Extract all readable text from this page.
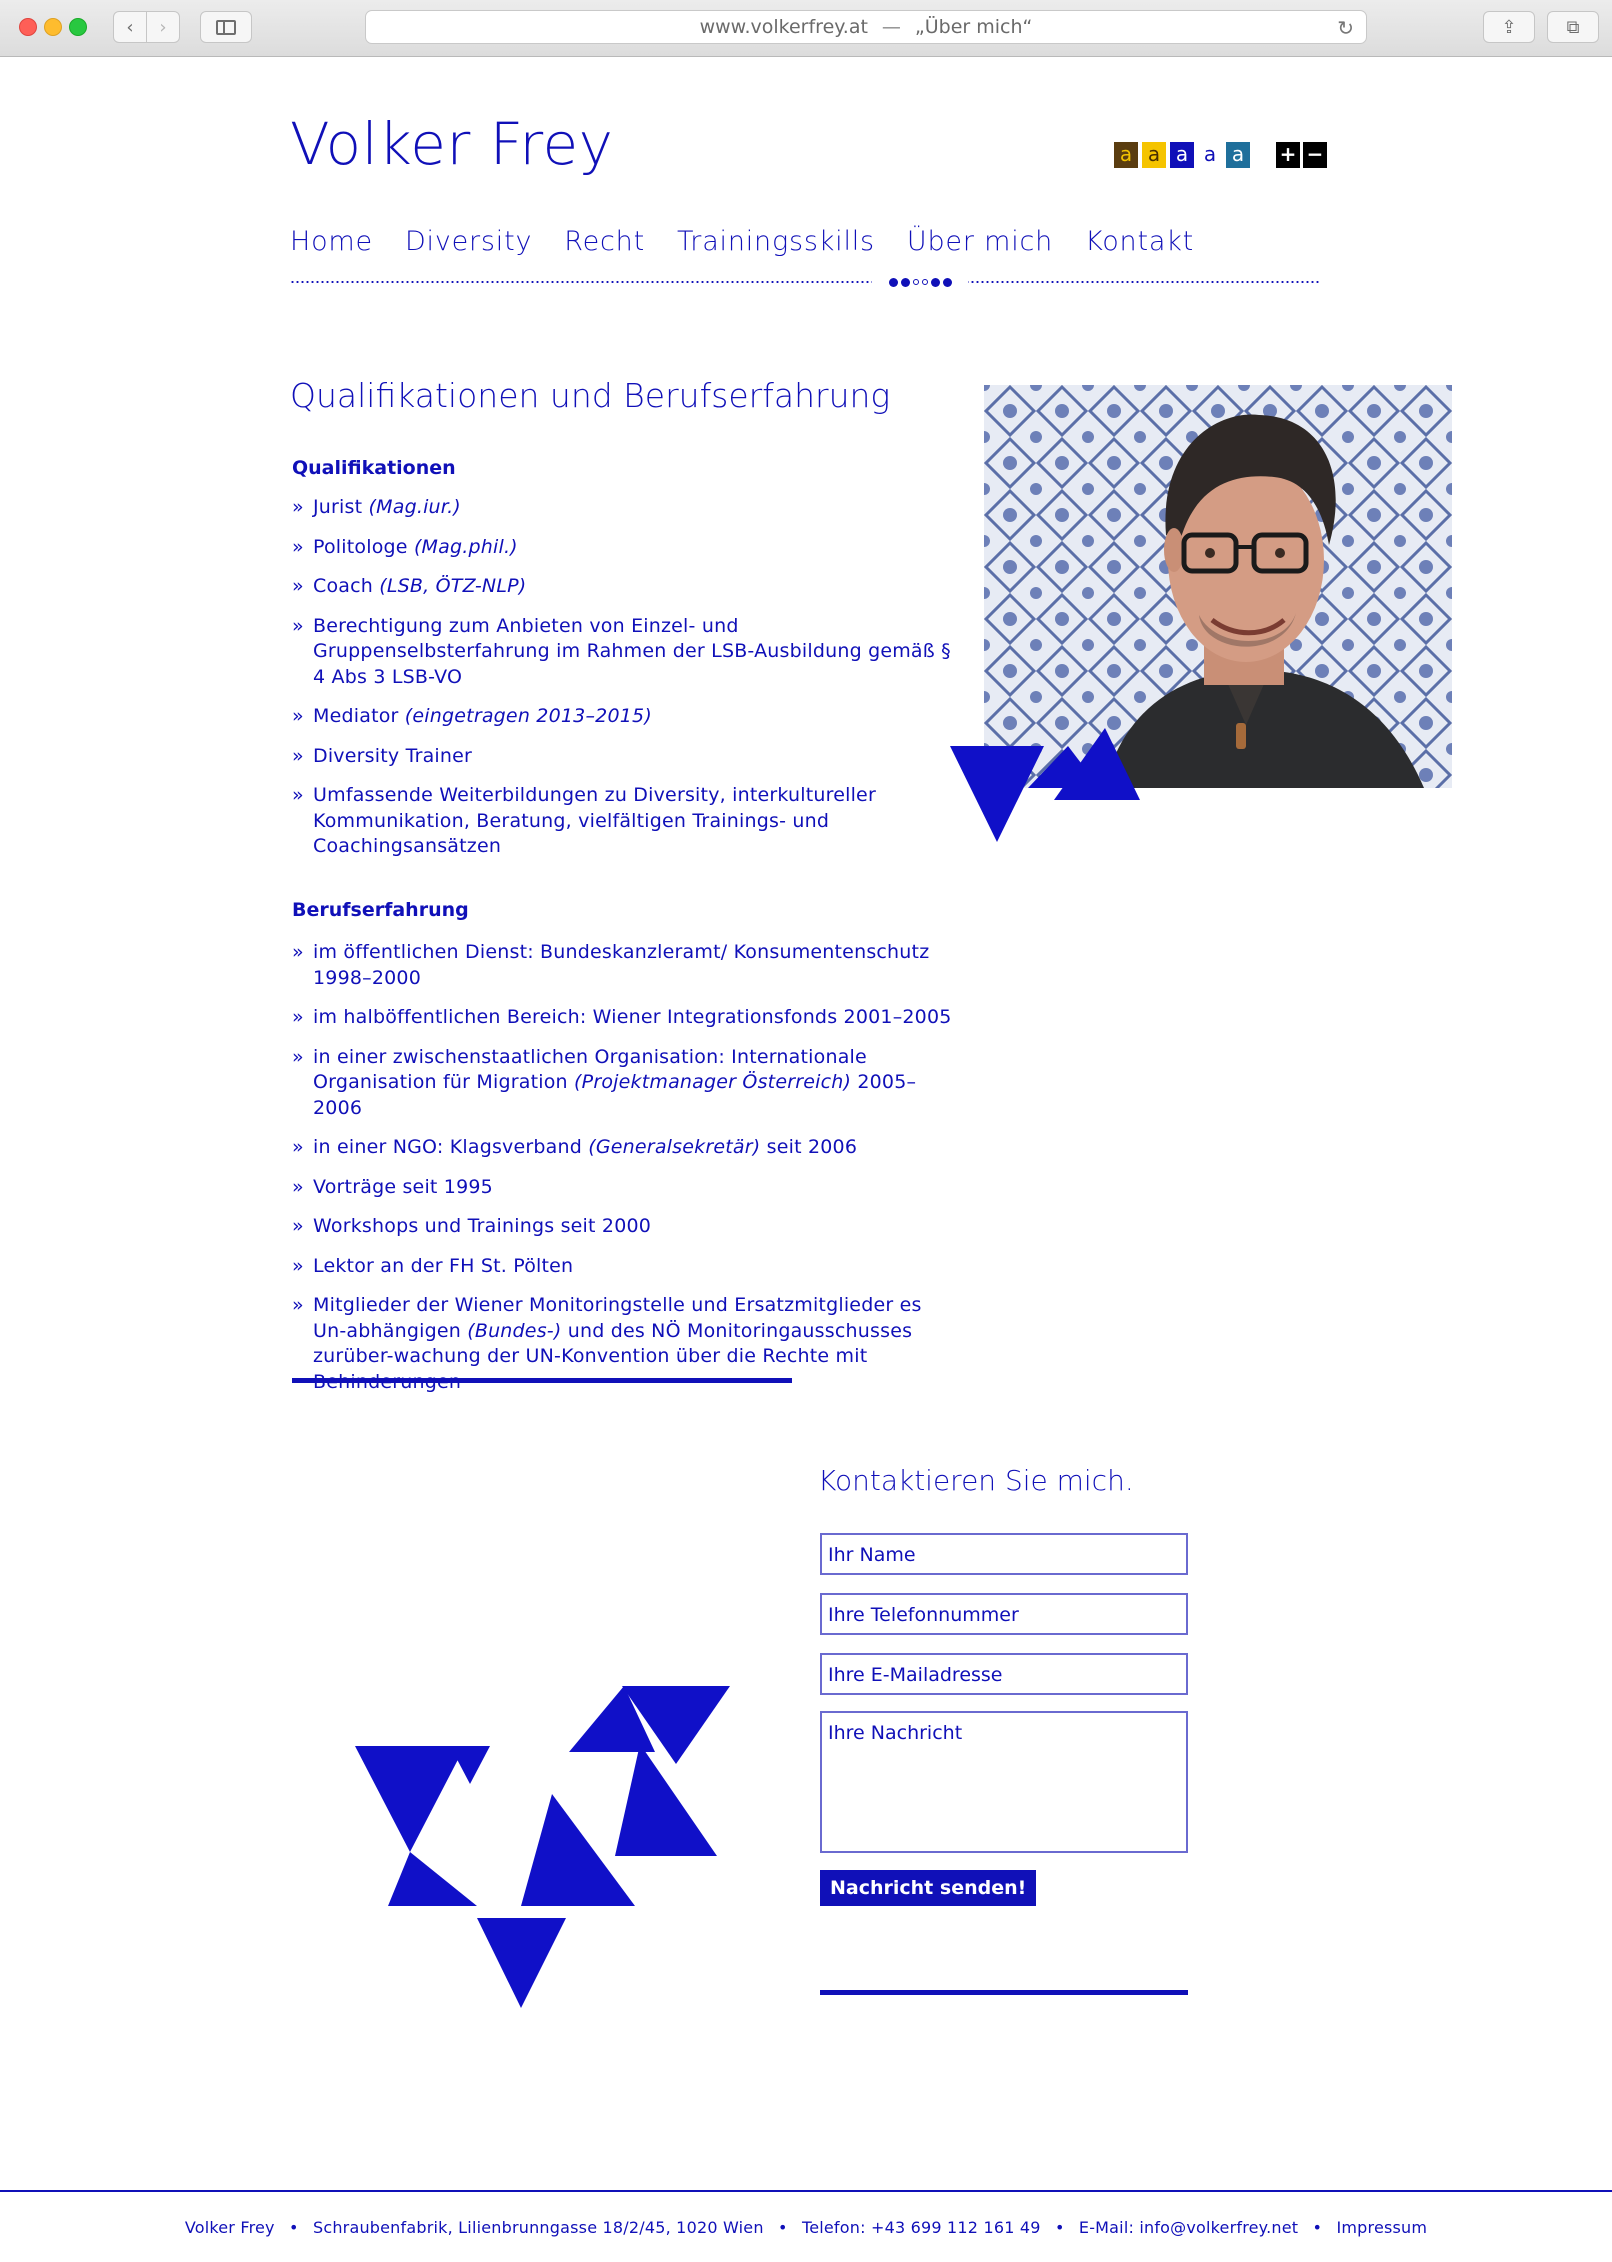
‹ ›	www.volkerfrey.at — „Über mich“	↻	⇪	⧉
Volker Frey	a a a a a + −
Home Diversity Recht Trainingsskills Über mich Kontakt
Qualifikationen und Berufserfahrung
Qualifikationen
» Jurist (Mag.iur.)
» Politologe (Mag.phil.)
» Coach (LSB, ÖTZ-NLP)
» Berechtigung zum Anbieten von Einzel- und Gruppenselbsterfahrung im Rahmen der LSB-Ausbildung gemäß § 4 Abs 3 LSB-VO
» Mediator (eingetragen 2013–2015)
» Diversity Trainer
» Umfassende Weiterbildungen zu Diversity, interkultureller Kommunikation, Beratung, vielfältigen Trainings- und Coachingsansätzen
Berufserfahrung
» im öffentlichen Dienst: Bundeskanzleramt/ Konsumentenschutz 1998–2000
» im halböffentlichen Bereich: Wiener Integrationsfonds 2001–2005
» in einer zwischenstaatlichen Organisation: Internationale Organisation für Migration (Projektmanager Österreich) 2005–2006
» in einer NGO: Klagsverband (Generalsekretär) seit 2006
» Vorträge seit 1995
» Workshops und Trainings seit 2000
» Lektor an der FH St. Pölten
» Mitglieder der Wiener Monitoringstelle und Ersatzmitglieder es Un-abhängigen (Bundes-) und des NÖ Monitoringausschusses zurüber-wachung der UN-Konvention über die Rechte mit
Kontaktieren Sie mich.
Ihr Name
Ihre Telefonnummer
Ihre E-Mailadresse
Ihre Nachricht
Nachricht senden!
Volker Frey • Schraubenfabrik, Lilienbrunngasse 18/2/45, 1020 Wien • Telefon: +43 699 112 161 49 • E-Mail: info@volkerfrey.net • Impressum
